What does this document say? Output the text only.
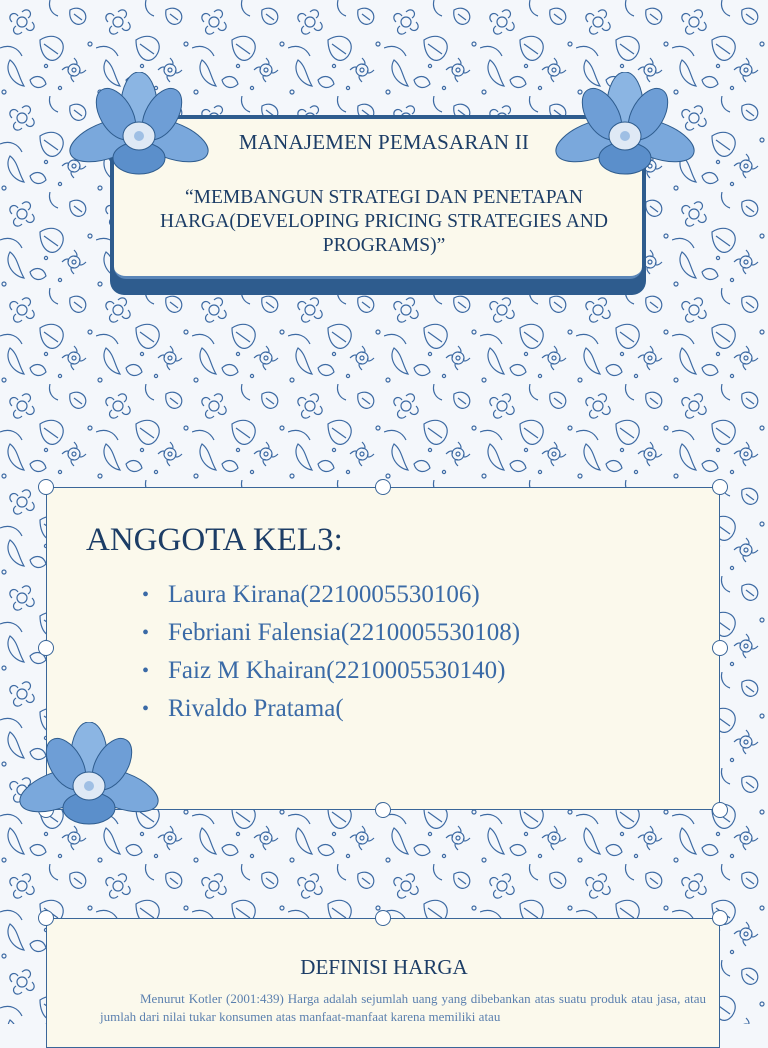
MANAJEMEN PEMASARAN II
“MEMBANGUN STRATEGI DAN PENETAPAN HARGA(DEVELOPING PRICING STRATEGIES AND PROGRAMS)”
ANGGOTA KEL3:
• Laura Kirana(2210005530106)
• Febriani Falensia(2210005530108)
• Faiz M Khairan(2210005530140)
• Rivaldo Pratama(
DEFINISI HARGA
Menurut Kotler (2001:439) Harga adalah sejumlah uang yang dibebankan atas suatu produk atau jasa, atau jumlah dari nilai tukar konsumen atas manfaat-manfaat karena memiliki atau
